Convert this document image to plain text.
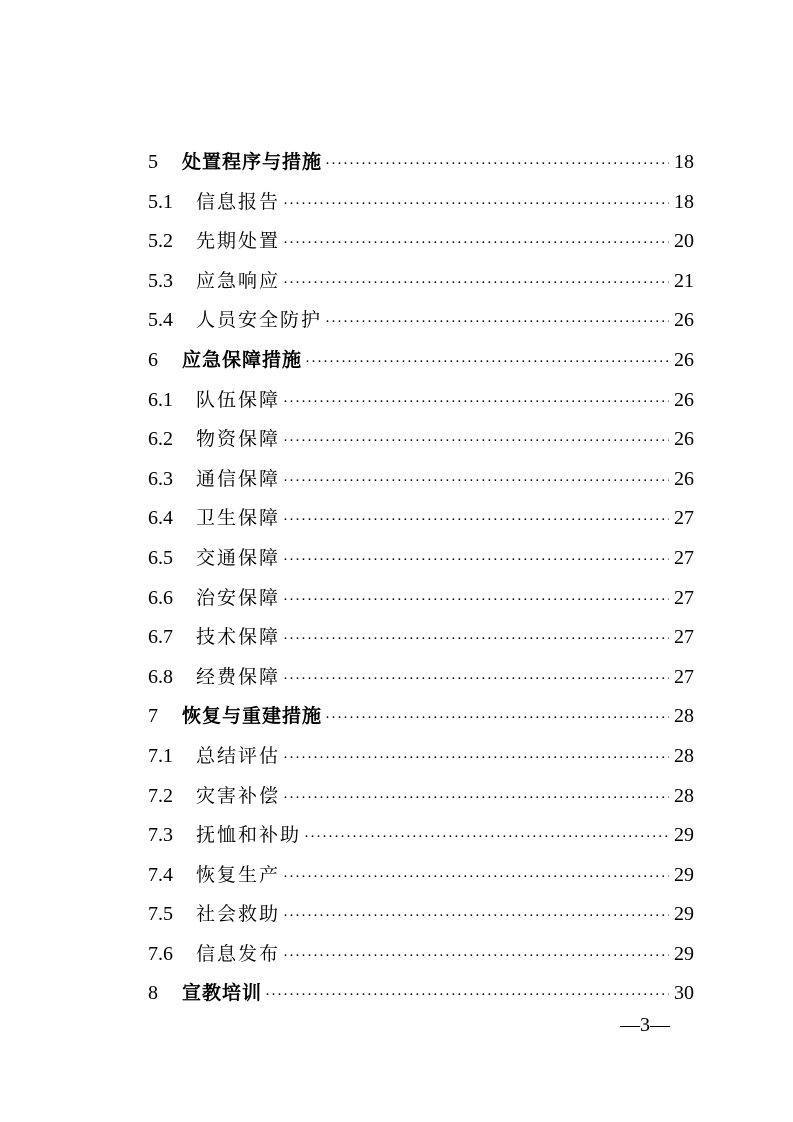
5	处置程序与措施 ·····	18
5.1	信息报告 ·····	18
5.2	先期处置 ·····	20
5.3	应急响应 ·····	21
5.4	人员安全防护 ·····	26
6	应急保障措施 ·····	26
6.1	队伍保障 ·····	26
6.2	物资保障 ·····	26
6.3	通信保障 ·····	26
6.4	卫生保障 ·····	27
6.5	交通保障 ·····	27
6.6	治安保障 ·····	27
6.7	技术保障 ·····	27
6.8	经费保障 ·····	27
7	恢复与重建措施 ·····	28
7.1	总结评估 ·····	28
7.2	灾害补偿 ·····	28
7.3	抚恤和补助 ·····	29
7.4	恢复生产 ·····	29
7.5	社会救助 ·····	29
7.6	信息发布 ·····	29
8	宣教培训 ·····	30
—3—
